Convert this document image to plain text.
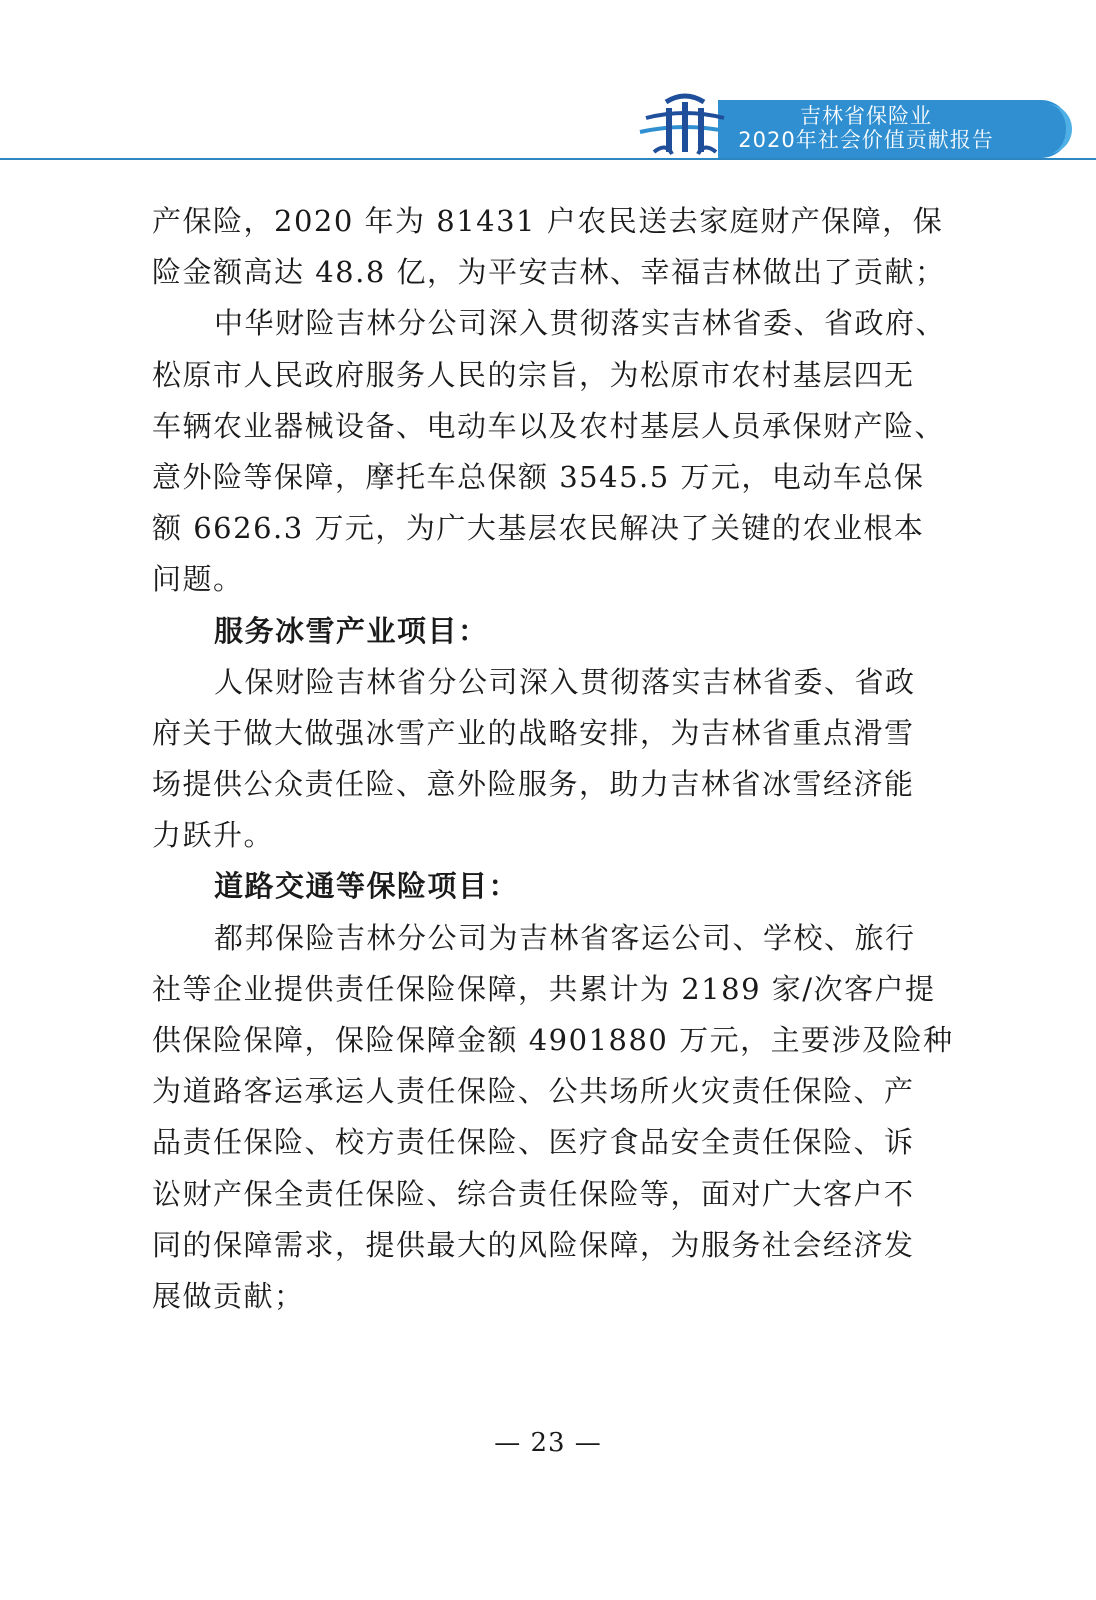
吉林省保险业
2020年社会价值贡献报告
产保险，2020 年为 81431 户农民送去家庭财产保障，保
险金额高达 48.8 亿，为平安吉林、幸福吉林做出了贡献；
中华财险吉林分公司深入贯彻落实吉林省委、省政府、
松原市人民政府服务人民的宗旨，为松原市农村基层四无
车辆农业器械设备、电动车以及农村基层人员承保财产险、
意外险等保障，摩托车总保额 3545.5 万元，电动车总保
额 6626.3 万元，为广大基层农民解决了关键的农业根本
问题。
服务冰雪产业项目：
人保财险吉林省分公司深入贯彻落实吉林省委、省政
府关于做大做强冰雪产业的战略安排，为吉林省重点滑雪
场提供公众责任险、意外险服务，助力吉林省冰雪经济能
力跃升。
道路交通等保险项目：
都邦保险吉林分公司为吉林省客运公司、学校、旅行
社等企业提供责任保险保障，共累计为 2189 家/次客户提
供保险保障，保险保障金额 4901880 万元，主要涉及险种
为道路客运承运人责任保险、公共场所火灾责任保险、产
品责任保险、校方责任保险、医疗食品安全责任保险、诉
讼财产保全责任保险、综合责任保险等，面对广大客户不
同的保障需求，提供最大的风险保障，为服务社会经济发
展做贡献；
— 23 —
